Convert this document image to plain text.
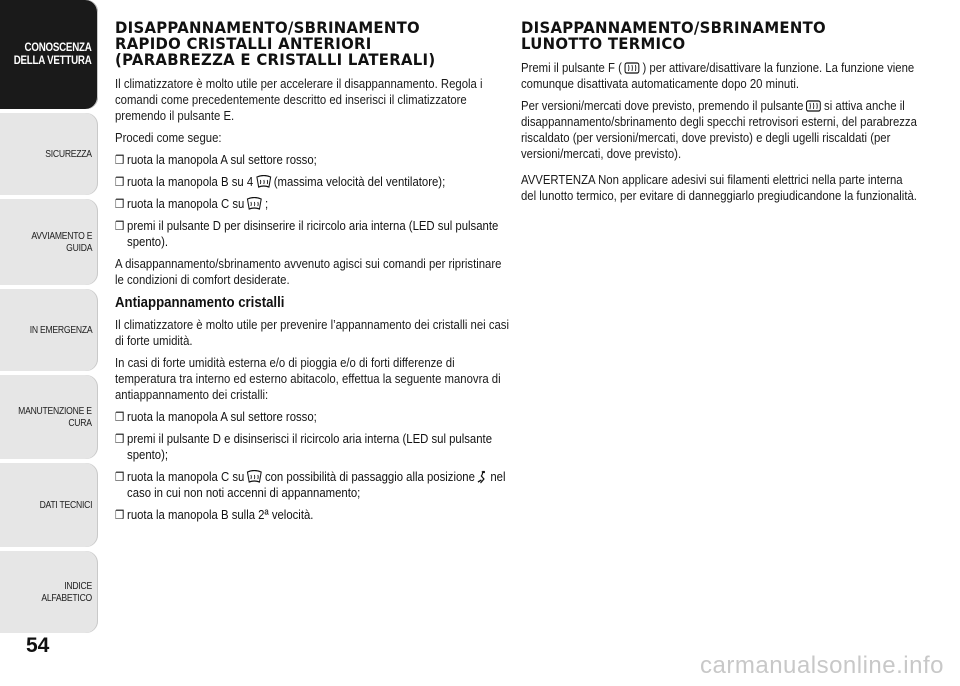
CONOSCENZA
DELLA VETTURA
SICUREZZA
AVVIAMENTO E
GUIDA
IN EMERGENZA
MANUTENZIONE E
CURA
DATI TECNICI
INDICE ALFABETICO
54
DISAPPANNAMENTO/SBRINAMENTO
RAPIDO CRISTALLI ANTERIORI
(PARABREZZA E CRISTALLI LATERALI)

Il climatizzatore è molto utile per accelerare il disappannamento. Regola i comandi come precedentemente descritto ed inserisci il climatizzatore premendo il pulsante E.

Procedi come segue:

❒ ruota la manopola A sul settore rosso;
❒ ruota la manopola B su 4 (massima velocità del ventilatore);
❒ ruota la manopola C su ;
❒ premi il pulsante D per disinserire il ricircolo aria interna (LED sul pulsante spento).

A disappannamento/sbrinamento avvenuto agisci sui comandi per ripristinare le condizioni di comfort desiderate.

Antiappannamento cristalli

Il climatizzatore è molto utile per prevenire l’appannamento dei cristalli nei casi di forte umidità.

In casi di forte umidità esterna e/o di pioggia e/o di forti differenze di temperatura tra interno ed esterno abitacolo, effettua la seguente manovra di antiappannamento dei cristalli:

❒ ruota la manopola A sul settore rosso;
❒ premi il pulsante D e disinserisci il ricircolo aria interna (LED sul pulsante spento);
❒ ruota la manopola C su con possibilità di passaggio alla posizione nel caso in cui non noti accenni di appannamento;
❒ ruota la manopola B sulla 2ª velocità.
DISAPPANNAMENTO/SBRINAMENTO
LUNOTTO TERMICO

Premi il pulsante F ( ) per attivare/disattivare la funzione. La funzione viene comunque disattivata automaticamente dopo 20 minuti.

Per versioni/mercati dove previsto, premendo il pulsante si attiva anche il disappannamento/sbrinamento degli specchi retrovisori esterni, del parabrezza riscaldato (per versioni/mercati, dove previsto) e degli ugelli riscaldati (per versioni/mercati, dove previsto).

AVVERTENZA Non applicare adesivi sui filamenti elettrici nella parte interna del lunotto termico, per evitare di danneggiarlo pregiudicandone la funzionalità.

carmanualsonline.info
